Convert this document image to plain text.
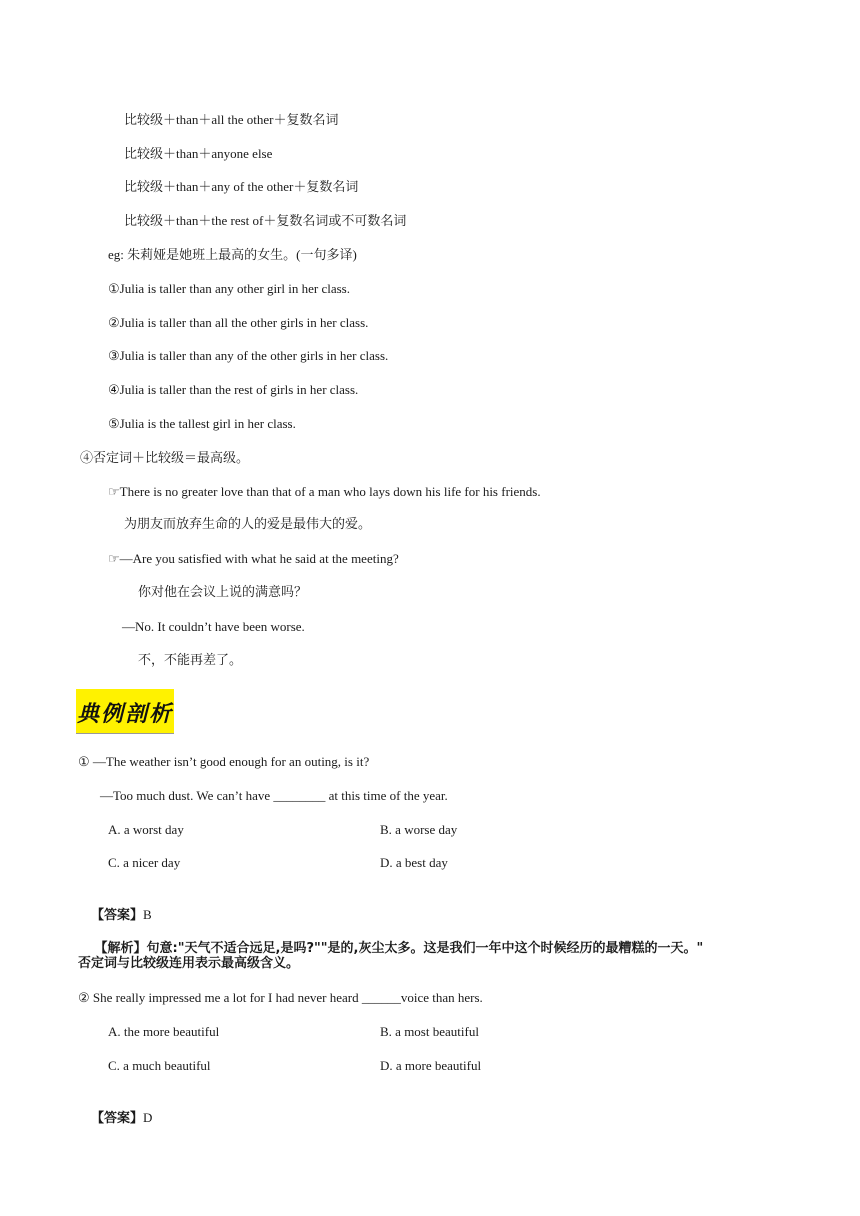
比较级＋than＋all the other＋复数名词
比较级＋than＋anyone else
比较级＋than＋any of the other＋复数名词
比较级＋than＋the rest of＋复数名词或不可数名词
eg: 朱莉娅是她班上最高的女生。(一句多译)
①Julia is taller than any other girl in her class.
②Julia is taller than all the other girls in her class.
③Julia is taller than any of the other girls in her class.
④Julia is taller than the rest of girls in her class.
⑤Julia is the tallest girl in her class.
④否定词＋比较级＝最高级。
☞There is no greater love than that of a man who lays down his life for his friends.
为朋友而放弃生命的人的爱是最伟大的爱。
☞—Are you satisfied with what he said at the meeting?
你对他在会议上说的满意吗？
—No. It couldn’t have been worse.
不，不能再差了。
典例剖析
① —The weather isn’t good enough for an outing, is it?
—Too much dust. We can’t have ________ at this time of the year.
A. a worst day	B. a worse day
C. a nicer day	D. a best day

【答案】B

【解析】句意:"天气不适合远足,是吗?""是的,灰尘太多。这是我们一年中这个时候经历的最糟糕的一天。"

否定词与比较级连用表示最高级含义。
② She really impressed me a lot for I had never heard ______voice than hers.
A. the more beautiful	B. a most beautiful
C. a much beautiful	D. a more beautiful

【答案】D
